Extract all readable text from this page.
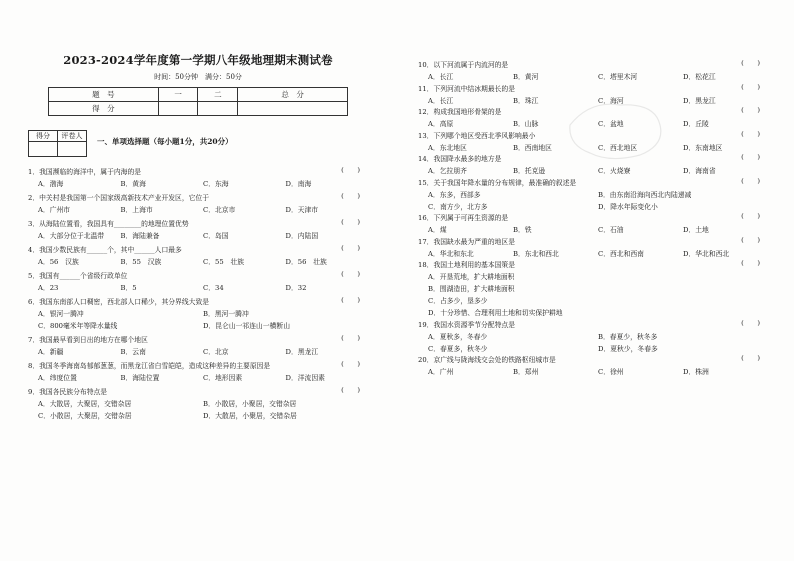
2023-2024学年度第一学期八年级地理期末测试卷
时间：50分钟　满分：50分
题　号	一	二	总　分
得　分			
得分	评卷人

一、单项选择题（每小题1分，共20分）
1．我国濒临的海洋中，属于内海的是	(　　)
A．渤海	B．黄海	C．东海	D．南海
2．中关村是我国第一个国家级高新技术产业开发区，它位于	(　　)
A．广州市	B．上海市	C．北京市	D．天津市
3．从海陆位置看，我国具有________的地理位置优势	(　　)
A．大部分位于北温带	B．海陆兼备	C．岛国	D．内陆国
4．我国少数民族有______个，其中______人口最多	(　　)
A．56　汉族	B．55　汉族	C．55　壮族	D．56　壮族
5．我国有______个省级行政单位	(　　)
A．23	B．5	C．34	D．32
6．我国东南部人口稠密，西北部人口稀少，其分界线大致是	(　　)
A．银河一腾冲	B．黑河一腾冲
C．800毫米年等降水量线	D．昆仑山一祁连山一横断山
7．我国最早看到日出的地方在哪个地区	(　　)
A．新疆	B．云南	C．北京	D．黑龙江
8．我国冬季海南岛郁郁葱葱，而黑龙江省白雪皑皑，造成这种差异的主要原因是	(　　)
A．纬度位置	B．海陆位置	C．地形因素	D．洋流因素
9．我国各民族分布特点是	(　　)
A．大散居，大聚居，交错杂居	B．小散居，小聚居，交错杂居
C．小散居，大聚居，交错杂居	D．大散居，小聚居，交错杂居
10．以下河流属于内流河的是	(　　)
A．长江	B．黄河	C．塔里木河	D．松花江
11．下列河流中结冰期最长的是	(　　)
A．长江	B．珠江	C．海河	D．黑龙江
12．构成我国地形骨架的是	(　　)
A．高原	B．山脉	C．盆地	D．丘陵
13．下列哪个地区受西北季风影响最小	(　　)
A．东北地区	B．西南地区	C．西北地区	D．东南地区
14．我国降水最多的地方是	(　　)
A．乞拉朋齐	B．托克逊	C．火烧寮	D．海南省
15．关于我国年降水量的分布规律，最准确的叙述是	(　　)
A．东多，西部多	B．由东南沿海向西北内陆递减
C．南方少，北方多	D．降水年际变化小
16．下列属于可再生资源的是	(　　)
A．煤	B．铁	C．石油	D．土地
17．我国缺水最为严重的地区是	(　　)
A．华北和东北	B．东北和西北	C．西北和西南	D．华北和西北
18．我国土地利用的基本国策是	(　　)
A．开垦荒地，扩大耕地面积
B．围湖造田，扩大耕地面积
C．占多少，垦多少
D．十分珍惜、合理利用土地和切实保护耕地
19．我国水资源季节分配特点是	(　　)
A．夏秋多，冬春少	B．春夏少，秋冬多
C．春夏多，秋冬少	D．夏秋少，冬春多
20．京广线与陇海线交会处的铁路枢纽城市是	(　　)
A．广州	B．郑州	C．徐州	D．株洲
